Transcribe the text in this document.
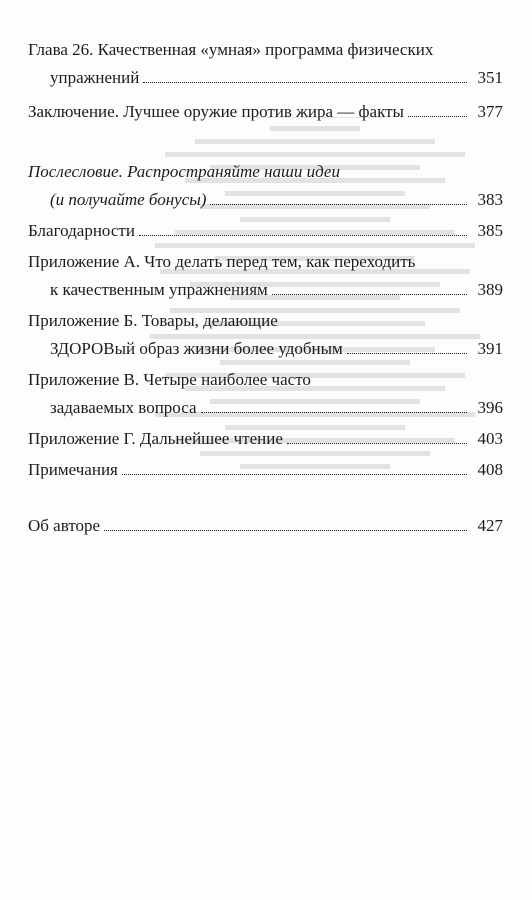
Глава 26. Качественная «умная» программа физических
упражнений	351
Заключение. Лучшее оружие против жира — факты	377
Послесловие. Распространяйте наши идеи
(и получайте бонусы)	383
Благодарности	385
Приложение А. Что делать перед тем, как переходить
к качественным упражнениям	389
Приложение Б. Товары, делающие
ЗДОРОВый образ жизни более удобным	391
Приложение В. Четыре наиболее часто
задаваемых вопроса	396
Приложение Г. Дальнейшее чтение	403
Примечания	408
Об авторе	427
